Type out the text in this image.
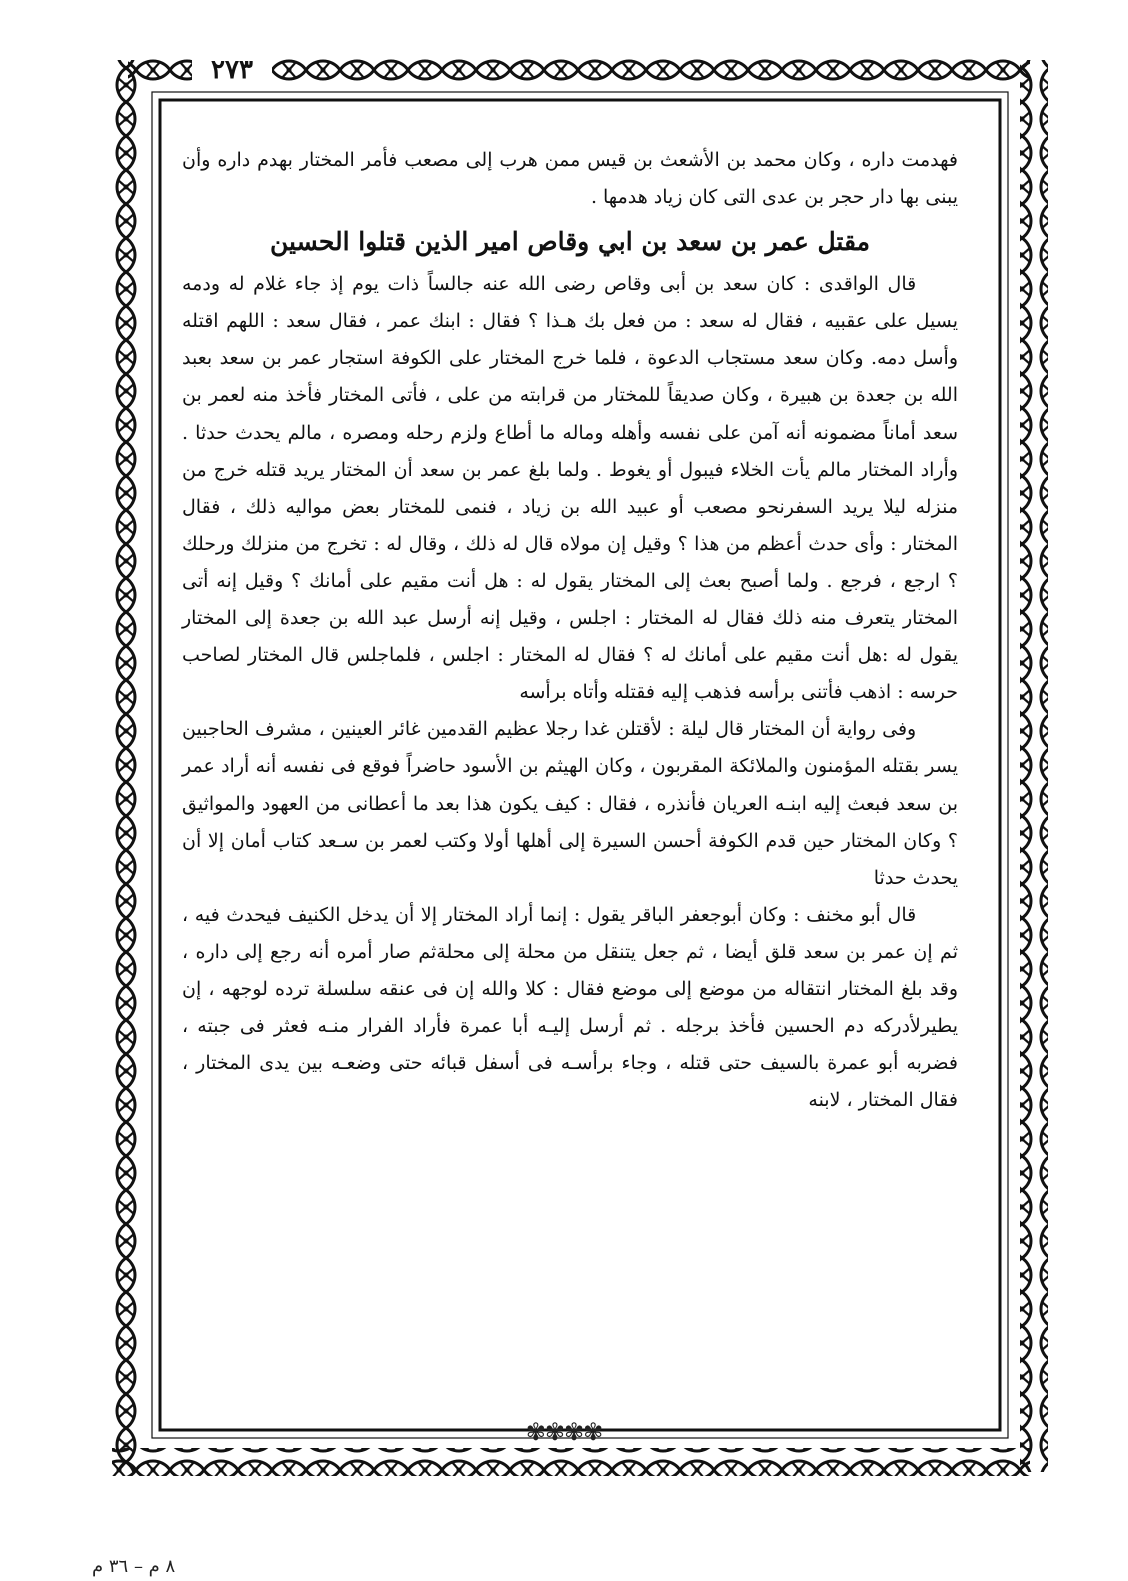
٢٧٣

فهدمت داره ، وكان محمد بن الأشعث بن قيس ممن هرب إلى مصعب فأمر المختار بهدم داره وأن يبنى بها دار حجر بن عدى التى كان زياد هدمها .

مقتل عمر بن سعد بن ابي وقاص امير الذين قتلوا الحسين

قال الواقدى : كان سعد بن أبى وقاص رضى الله عنه جالساً ذات يوم إذ جاء غلام له ودمه يسيل على عقبيه ، فقال له سعد : من فعل بك هـذا ؟ فقال : ابنك عمر ، فقال سعد : اللهم اقتله وأسل دمه. وكان سعد مستجاب الدعوة ، فلما خرج المختار على الكوفة استجار عمر بن سعد بعبد الله بن جعدة بن هبيرة ، وكان صديقاً للمختار من قرابته من على ، فأتى المختار فأخذ منه لعمر بن سعد أماناً مضمونه أنه آمن على نفسه وأهله وماله ما أطاع ولزم رحله ومصره ، مالم يحدث حدثا . وأراد المختار مالم يأت الخلاء فيبول أو يغوط . ولما بلغ عمر بن سعد أن المختار يريد قتله خرج من منزله ليلا يريد السفرنحو مصعب أو عبيد الله بن زياد ، فنمى للمختار بعض مواليه ذلك ، فقال المختار : وأى حدث أعظم من هذا ؟ وقيل إن مولاه قال له ذلك ، وقال له : تخرج من منزلك ورحلك ؟ ارجع ، فرجع . ولما أصبح بعث إلى المختار يقول له : هل أنت مقيم على أمانك ؟ وقيل إنه أتى المختار يتعرف منه ذلك فقال له المختار : اجلس ، وقيل إنه أرسل عبد الله بن جعدة إلى المختار يقول له :هل أنت مقيم على أمانك له ؟ فقال له المختار : اجلس ، فلماجلس قال المختار لصاحب حرسه : اذهب فأتنى برأسه فذهب إليه فقتله وأتاه برأسه

وفى رواية أن المختار قال ليلة : لأقتلن غدا رجلا عظيم القدمين غائر العينين ، مشرف الحاجبين يسر بقتله المؤمنون والملائكة المقربون ، وكان الهيثم بن الأسود حاضراً فوقع فى نفسه أنه أراد عمر بن سعد فبعث إليه ابنـه العريان فأنذره ، فقال : كيف يكون هذا بعد ما أعطانى من العهود والمواثيق ؟ وكان المختار حين قدم الكوفة أحسن السيرة إلى أهلها أولا وكتب لعمر بن سـعد كتاب أمان إلا أن يحدث حدثا

قال أبو مخنف : وكان أبوجعفر الباقر يقول : إنما أراد المختار إلا أن يدخل الكنيف فيحدث فيه ، ثم إن عمر بن سعد قلق أيضا ، ثم جعل يتنقل من محلة إلى محلةثم صار أمره أنه رجع إلى داره ، وقد بلغ المختار انتقاله من موضع إلى موضع فقال : كلا والله إن فى عنقه سلسلة ترده لوجهه ، إن يطيرلأدركه دم الحسين فأخذ برجله . ثم أرسل إليـه أبا عمرة فأراد الفرار منـه فعثر فى جبته ، فضربه أبو عمرة بالسيف حتى قتله ، وجاء برأسـه فى أسفل قبائه حتى وضعـه بين يدى المختار ، فقال المختار ، لابنه

✾✾✾✾
٨ م – ٣٦ م
